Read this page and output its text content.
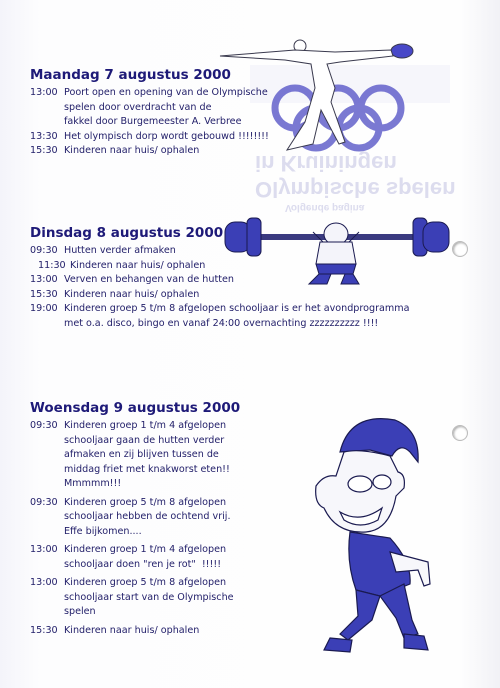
Volgende pagina
Olympische spelen in Kruiningen
Maandag 7 augustus 2000
13:00 Poort open en opening van de Olympische
spelen door overdracht van de
fakkel door Burgemeester A. Verbree
13:30 Het olympisch dorp wordt gebouwd !!!!!!!!
15:30 Kinderen naar huis/ ophalen
Dinsdag 8 augustus 2000
09:30 Hutten verder afmaken
11:30 Kinderen naar huis/ ophalen
13:00 Verven en behangen van de hutten
15:30 Kinderen naar huis/ ophalen
19:00 Kinderen groep 5 t/m 8 afgelopen schooljaar is er het avondprogramma
met o.a. disco, bingo en vanaf 24:00 overnachting zzzzzzzzzz !!!!
Woensdag 9 augustus 2000
09:30 Kinderen groep 1 t/m 4 afgelopen
schooljaar gaan de hutten verder
afmaken en zij blijven tussen de
middag friet met knakworst eten!!
Mmmmm!!!
09:30 Kinderen groep 5 t/m 8 afgelopen
schooljaar hebben de ochtend vrij.
Effe bijkomen....
13:00 Kinderen groep 1 t/m 4 afgelopen
schooljaar doen "ren je rot"  !!!!!
13:00 Kinderen groep 5 t/m 8 afgelopen
schooljaar start van de Olympische
spelen
15:30 Kinderen naar huis/ ophalen
